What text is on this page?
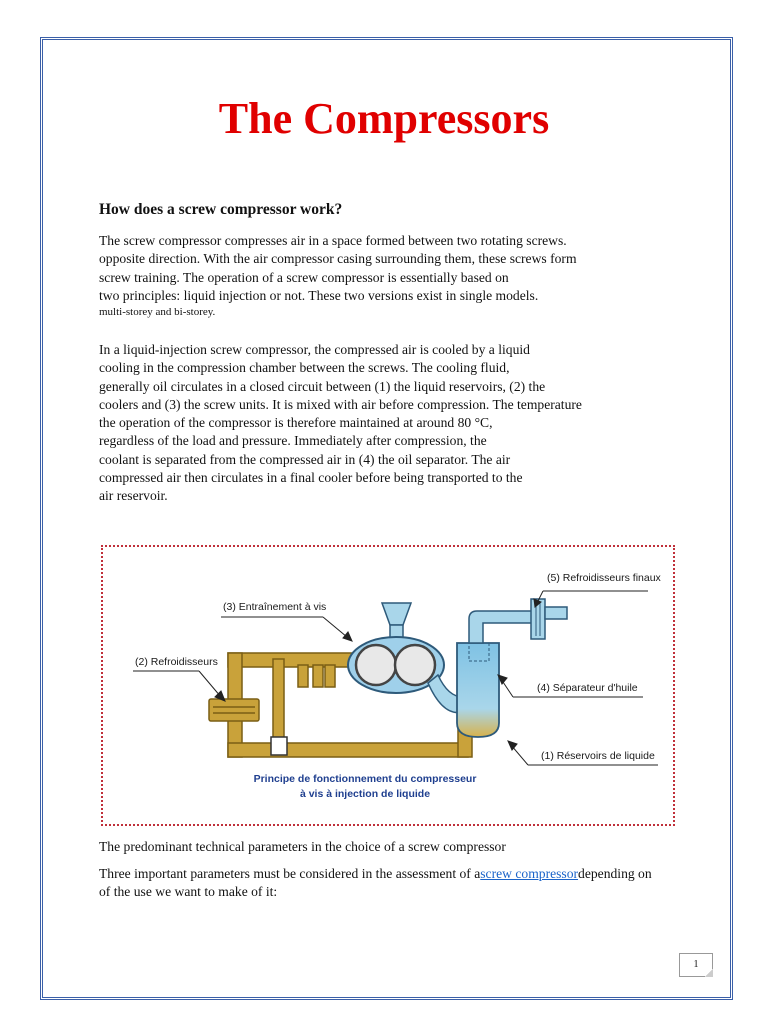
The Compressors
How does a screw compressor work?
The screw compressor compresses air in a space formed between two rotating screws.
opposite direction. With the air compressor casing surrounding them, these screws form
screw training. The operation of a screw compressor is essentially based on
two principles: liquid injection or not. These two versions exist in single models.
multi-storey and bi-storey.
In a liquid-injection screw compressor, the compressed air is cooled by a liquid
cooling in the compression chamber between the screws. The cooling fluid,
generally oil circulates in a closed circuit between (1) the liquid reservoirs, (2) the
coolers and (3) the screw units. It is mixed with air before compression. The temperature
the operation of the compressor is therefore maintained at around 80 °C,
regardless of the load and pressure. Immediately after compression, the
coolant is separated from the compressed air in (4) the oil separator. The air
compressed air then circulates in a final cooler before being transported to the
air reservoir.
(5) Refroidisseurs finaux
(3) Entraînement à vis
(2) Refroidisseurs
(4) Séparateur d'huile
(1) Réservoirs de liquide
Principe de fonctionnement du compresseur
à vis à injection de liquide
The predominant technical parameters in the choice of a screw compressor
Three important parameters must be considered in the assessment of ascrew compressordepending on
of the use we want to make of it:
1
